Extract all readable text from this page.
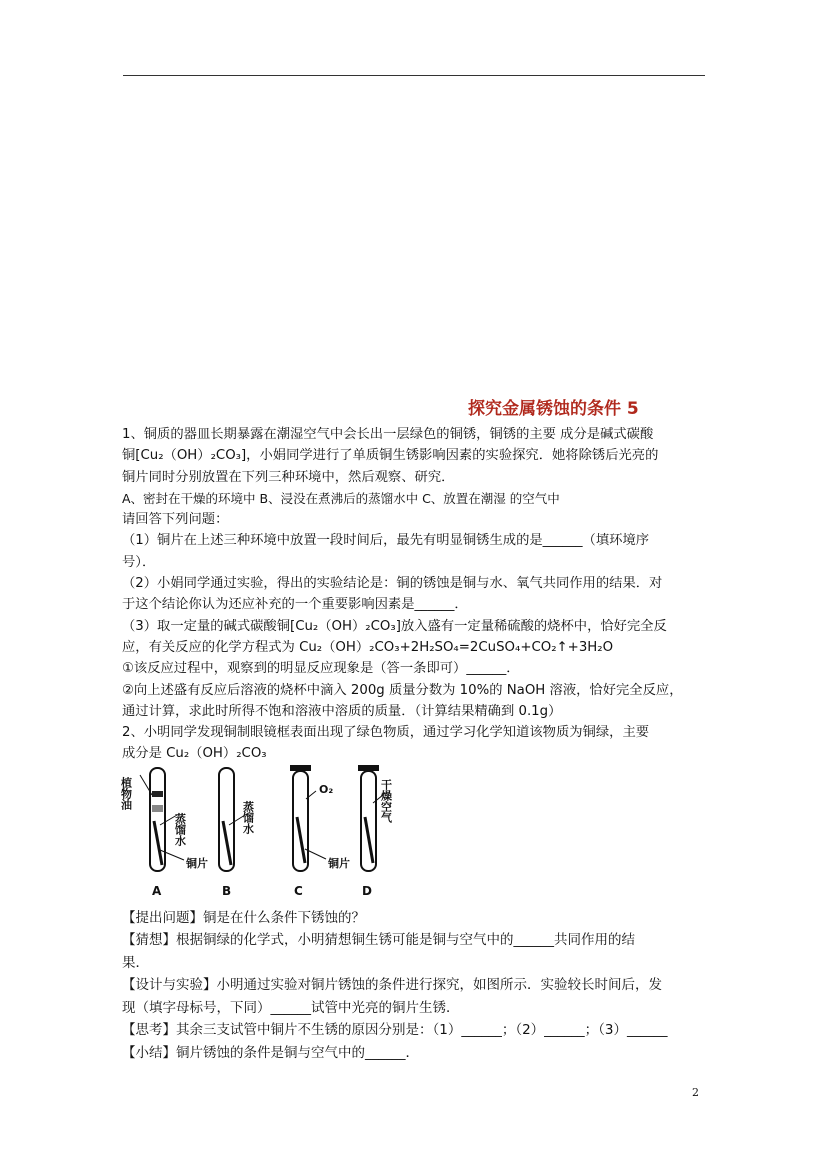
探究金属锈蚀的条件 5
1、铜质的器皿长期暴露在潮湿空气中会长出一层绿色的铜锈，铜锈的主要 成分是碱式碳酸
铜[Cu₂（OH）₂CO₃]，小娟同学进行了单质铜生锈影响因素的实验探究．她将除锈后光亮的
铜片同时分别放置在下列三种环境中，然后观察、研究．
A、密封在干燥的环境中 B、浸没在煮沸后的蒸馏水中 C、放置在潮湿 的空气中
请回答下列问题：
（1）铜片在上述三种环境中放置一段时间后，最先有明显铜锈生成的是______（填环境序
号）．
（2）小娟同学通过实验，得出的实验结论是：铜的锈蚀是铜与水、氧气共同作用的结果．对
于这个结论你认为还应补充的一个重要影响因素是______．
（3）取一定量的碱式碳酸铜[Cu₂（OH）₂CO₃]放入盛有一定量稀硫酸的烧杯中，恰好完全反
应，有关反应的化学方程式为 Cu₂（OH）₂CO₃+2H₂SO₄=2CuSO₄+CO₂↑+3H₂O
①该反应过程中，观察到的明显反应现象是（答一条即可）______．
②向上述盛有反应后溶液的烧杯中滴入 200g 质量分数为 10%的 NaOH 溶液，恰好完全反应，
通过计算，求此时所得不饱和溶液中溶质的质量．（计算结果精确到 0.1g）
2、小明同学发现铜制眼镜框表面出现了绿色物质，通过学习化学知道该物质为铜绿，主要
成分是 Cu₂（OH）₂CO₃
植物油
蒸馏水	蒸馏水
O₂	干燥空气
铜片	铜片
A	B	C	D
【提出问题】铜是在什么条件下锈蚀的？
【猜想】根据铜绿的化学式，小明猜想铜生锈可能是铜与空气中的______共同作用的结
果．
【设计与实验】小明通过实验对铜片锈蚀的条件进行探究，如图所示．实验较长时间后，发
现（填字母标号，下同）______试管中光亮的铜片生锈．
【思考】其余三支试管中铜片不生锈的原因分别是：（1）______；（2）______；（3）______
【小结】铜片锈蚀的条件是铜与空气中的______．
2
